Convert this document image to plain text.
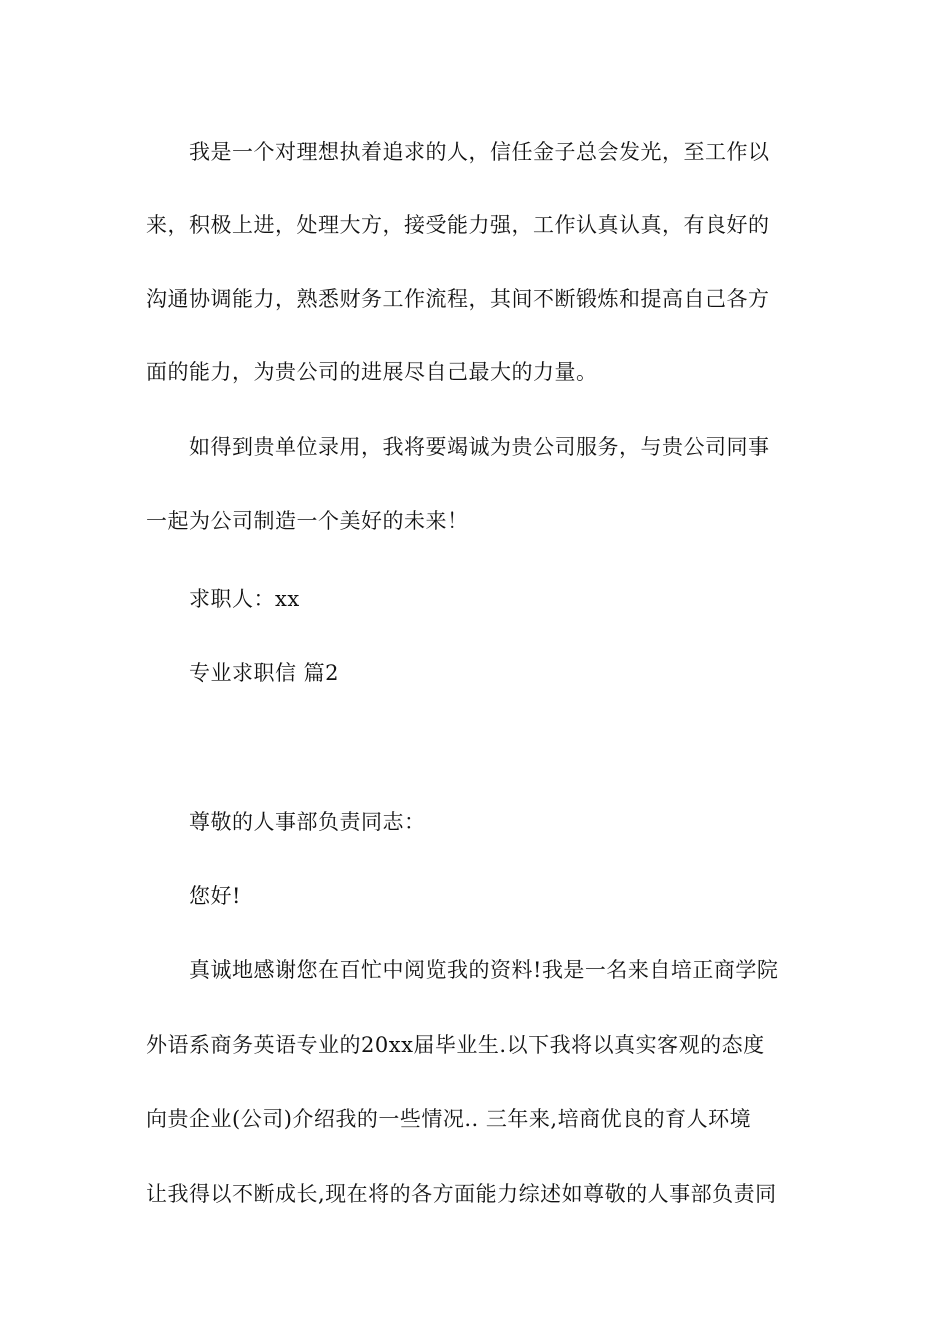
我是一个对理想执着追求的人，信任金子总会发光，至工作以
来，积极上进，处理大方，接受能力强，工作认真认真，有良好的
沟通协调能力，熟悉财务工作流程，其间不断锻炼和提高自己各方
面的能力，为贵公司的进展尽自己最大的力量。
如得到贵单位录用，我将要竭诚为贵公司服务，与贵公司同事
一起为公司制造一个美好的未来！
求职人：xx
专业求职信 篇2
尊敬的人事部负责同志：
您好!
真诚地感谢您在百忙中阅览我的资料!我是一名来自培正商学院
外语系商务英语专业的20xx届毕业生.以下我将以真实客观的态度
向贵企业(公司)介绍我的一些情况.. 三年来,培商优良的育人环境
让我得以不断成长,现在将的各方面能力综述如尊敬的人事部负责同
